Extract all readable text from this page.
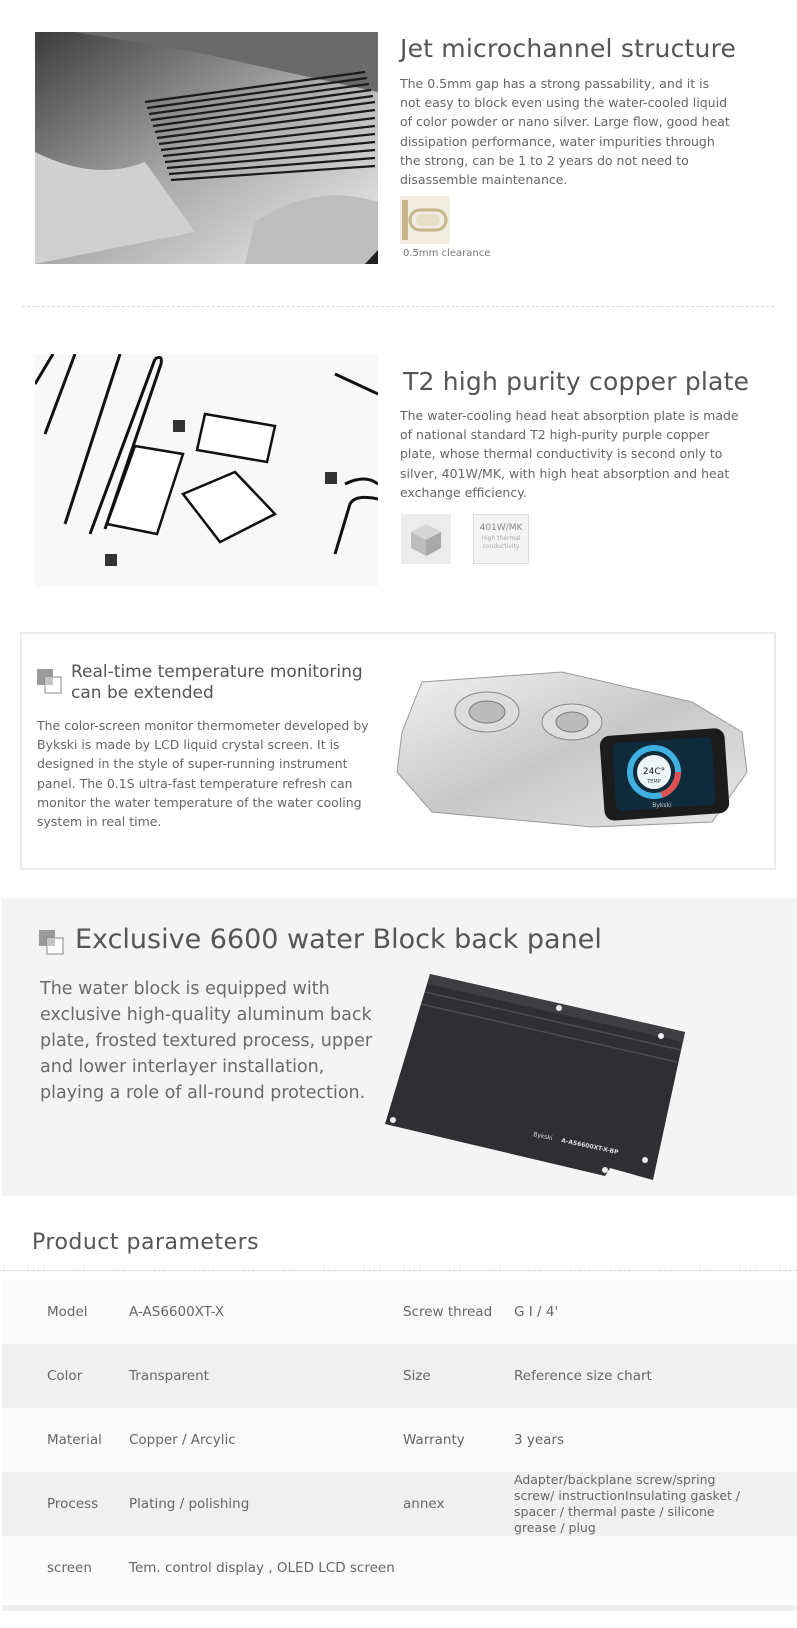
Jet microchannel structure
The 0.5mm gap has a strong passability, and it is not easy to block even using the water-cooled liquid of color powder or nano silver. Large flow, good heat dissipation performance, water impurities through the strong, can be 1 to 2 years do not need to disassemble maintenance.
0.5mm clearance
T2 high purity copper plate
The water-cooling head heat absorption plate is made of national standard T2 high-purity purple copper plate, whose thermal conductivity is second only to silver, 401W/MK, with high heat absorption and heat exchange efficiency.
401W/MK
High thermal conductivity
Real-time temperature monitoring
can be extended
The color-screen monitor thermometer developed by Bykski is made by LCD liquid crystal screen. It is designed in the style of super-running instrument panel. The 0.1S ultra-fast temperature refresh can monitor the water temperature of the water cooling system in real time.
24C°
TEMP
Bykski
Exclusive 6600 water Block back panel
The water block is equipped with exclusive high-quality aluminum back plate, frosted textured process, upper and lower interlayer installation, playing a role of all-round protection.
Bykski
A-AS6600XT-X-BP
Product parameters
	Model	A-AS6600XT-X	Screw thread	G I / 4'
	Color	Transparent	Size	Reference size chart
	Material	Copper / Arcylic	Warranty	3 years
	Process	Plating / polishing	annex	Adapter/backplane screw/spring screw/ instructionInsulating gasket / spacer / thermal paste / silicone grease / plug
	screen	Tem. control display , OLED LCD screen		
